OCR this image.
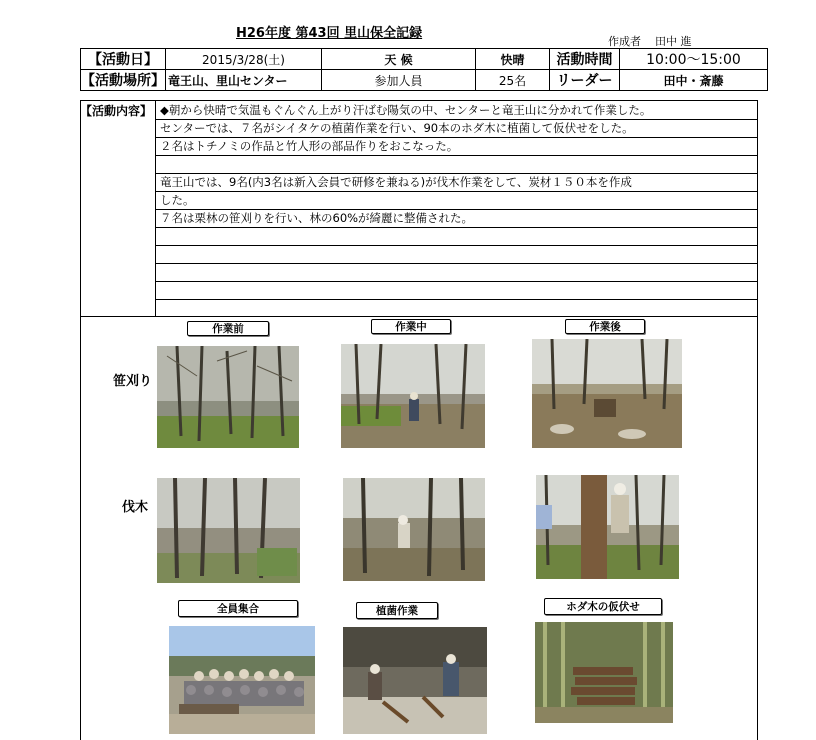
H26年度 第43回 里山保全記録
作成者 田中 進
【活動日】	2015/3/28(土)	天 候	快晴	活動時間	10:00～15:00
【活動場所】	竜王山、里山センター	参加人員	25名	リーダー	田中・斎藤
【活動内容】 ◆朝から快晴で気温もぐんぐん上がり汗ばむ陽気の中、センターと竜王山に分かれて作業した。
センターでは、７名がシイタケの植菌作業を行い、90本のホダ木に植菌して仮伏せをした。
２名はトチノミの作品と竹人形の部品作りをおこなった。
竜王山では、9名(内3名は新入会員で研修を兼ねる)が伐木作業をして、炭材１５０本を作成
した。
７名は栗林の笹刈りを行い、林の60%が綺麗に整備された。
作業前	作業中	作業後
笹刈り
伐木
全員集合	植菌作業	ホダ木の仮伏せ
